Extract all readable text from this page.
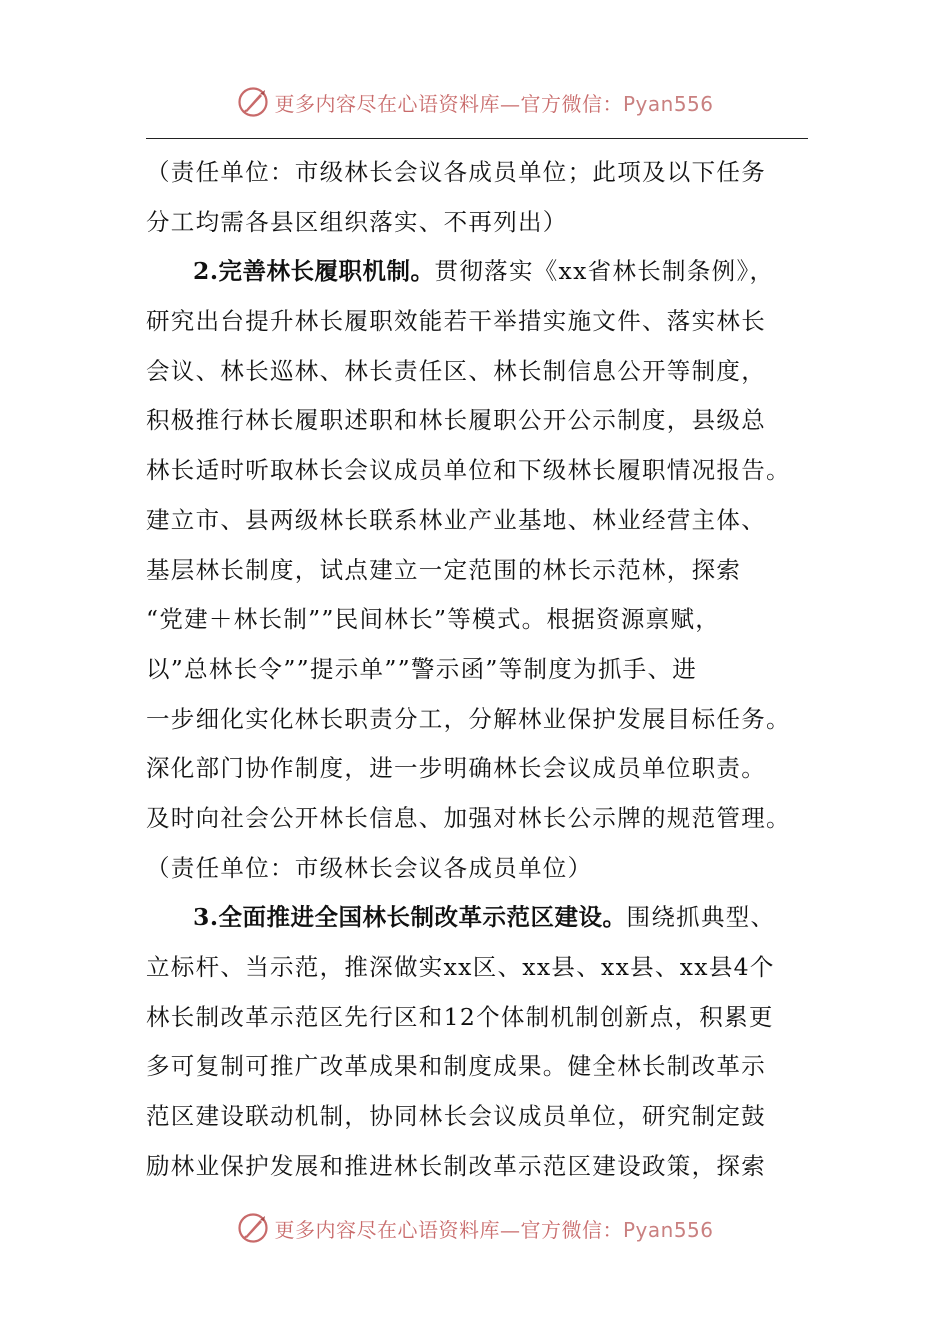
更多内容尽在心语资料库—官方微信：Pyan556
（责任单位：市级林长会议各成员单位；此项及以下任务
分工均需各县区组织落实、不再列出）
2.完善林长履职机制。贯彻落实《xx省林长制条例》，
研究出台提升林长履职效能若干举措实施文件、落实林长
会议、林长巡林、林长责任区、林长制信息公开等制度，
积极推行林长履职述职和林长履职公开公示制度，县级总
林长适时听取林长会议成员单位和下级林长履职情况报告。
建立市、县两级林长联系林业产业基地、林业经营主体、
基层林长制度，试点建立一定范围的林长示范林，探索
“党建＋林长制””民间林长”等模式。根据资源禀赋，
以”总林长令””提示单””警示函”等制度为抓手、进
一步细化实化林长职责分工，分解林业保护发展目标任务。
深化部门协作制度，进一步明确林长会议成员单位职责。
及时向社会公开林长信息、加强对林长公示牌的规范管理。
（责任单位：市级林长会议各成员单位）
3.全面推进全国林长制改革示范区建设。围绕抓典型、
立标杆、当示范，推深做实xx区、xx县、xx县、xx县4个
林长制改革示范区先行区和12个体制机制创新点，积累更
多可复制可推广改革成果和制度成果。健全林长制改革示
范区建设联动机制，协同林长会议成员单位，研究制定鼓
励林业保护发展和推进林长制改革示范区建设政策，探索
更多内容尽在心语资料库—官方微信：Pyan556
